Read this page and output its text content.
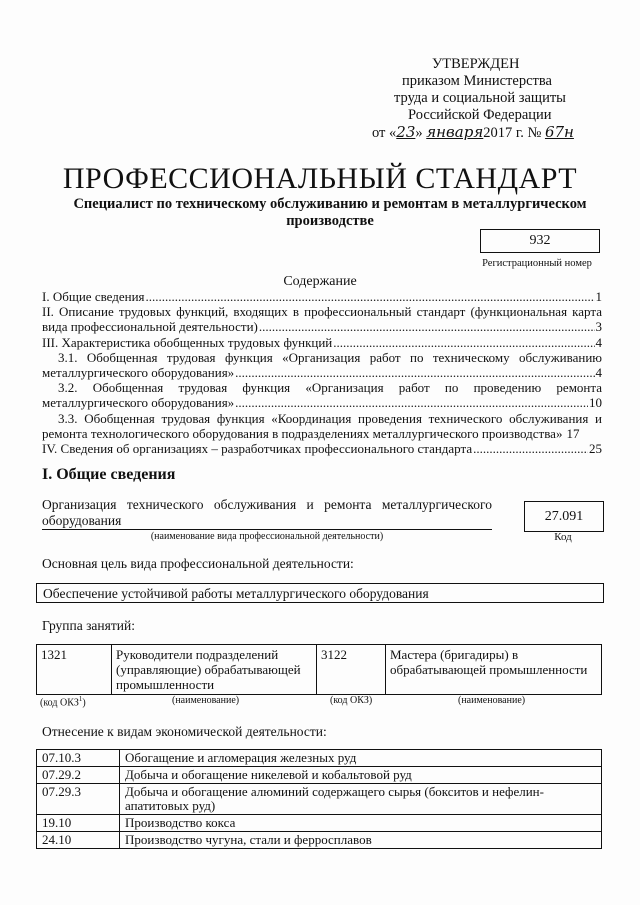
УТВЕРЖДЕН
приказом Министерства
труда и социальной защиты
Российской Федерации
от «23» января2017 г. № 67н
ПРОФЕССИОНАЛЬНЫЙ СТАНДАРТ
Специалист по техническому обслуживанию и ремонтам в металлургическом
производстве
932
Регистрационный номер
Содержание
I. Общие сведения .....	1
II. Описание трудовых функций, входящих в профессиональный стандарт (функциональная карта
вида профессиональной деятельности) .....	3
III. Характеристика обобщенных трудовых функций .....	4
3.1. Обобщенная трудовая функция «Организация работ по техническому обслуживанию
металлургического оборудования» .....	4
3.2. Обобщенная трудовая функция «Организация работ по проведению ремонта
металлургического оборудования» .....	10
3.3. Обобщенная трудовая функция «Координация проведения технического обслуживания и
ремонта технологического оборудования в подразделениях металлургического производства» 17
IV. Сведения об организациях – разработчиках профессионального стандарта .....	25
I. Общие сведения
Организация технического обслуживания и ремонта металлургического
оборудования
(наименование вида профессиональной деятельности)
27.091
Код
Основная цель вида профессиональной деятельности:
Обеспечение устойчивой работы металлургического оборудования
Группа занятий:
1321	Руководители подразделений (управляющие) обрабатывающей промышленности	3122	Мастера (бригадиры) в обрабатывающей промышленности
(код ОКЗ$^1$)	(наименование)	(код ОКЗ)	(наименование)
Отнесение к видам экономической деятельности:
07.10.3	Обогащение и агломерация железных руд
07.29.2	Добыча и обогащение никелевой и кобальтовой руд
07.29.3	Добыча и обогащение алюминий содержащего сырья (бокситов и нефелин-апатитовых руд)
19.10	Производство кокса
24.10	Производство чугуна, стали и ферросплавов
